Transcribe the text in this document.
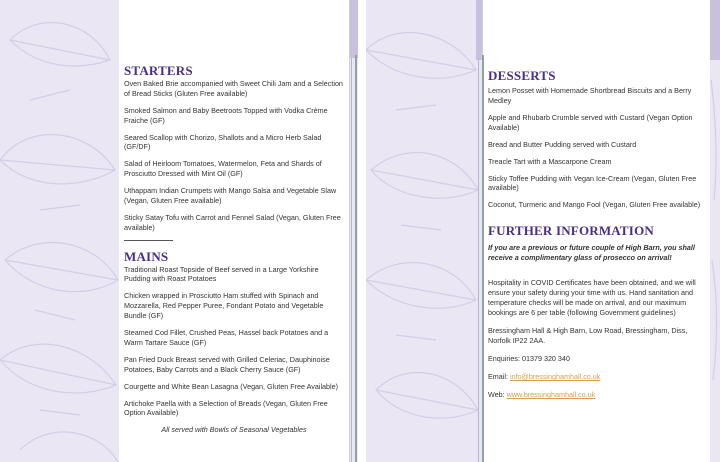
MENU
STARTERS
Oven Baked Brie accompanied with Sweet Chili Jam and a Selection of Bread Sticks (Gluten Free available)
Smoked Salmon and Baby Beetroots Topped with Vodka Crème Fraiche (GF)
Seared Scallop with Chorizo, Shallots and a Micro Herb Salad (GF/DF)
Salad of Heirloom Tomatoes, Watermelon, Feta and Shards of Prosciutto Dressed with Mint Oil (GF)
Uthappam Indian Crumpets with Mango Salsa and Vegetable Slaw (Vegan, Gluten Free available)
Sticky Satay Tofu with Carrot and Fennel Salad (Vegan, Gluten Free available)
MAINS
Traditional Roast Topside of Beef served in a Large Yorkshire Pudding with Roast Potatoes
Chicken wrapped in Prosciutto Ham stuffed with Spinach and Mozzarella, Red Pepper Puree, Fondant Potato and Vegetable Bundle (GF)
Steamed Cod Fillet, Crushed Peas, Hassel back Potatoes and a Warm Tartare Sauce (GF)
Pan Fried Duck Breast served with Grilled Celeriac, Dauphinoise Potatoes, Baby Carrots and a Black Cherry Sauce (GF)
Courgette and White Bean Lasagna (Vegan, Gluten Free Available)
Artichoke Paella with a Selection of Breads (Vegan, Gluten Free Option Available)
All served with Bowls of Seasonal Vegetables
DESSERTS
Lemon Posset with Homemade Shortbread Biscuits and a Berry Medley
Apple and Rhubarb Crumble served with Custard (Vegan Option Available)
Bread and Butter Pudding served with Custard
Treacle Tart with a Mascarpone Cream
Sticky Toffee Pudding with Vegan Ice-Cream (Vegan, Gluten Free available)
Coconut, Turmeric and Mango Fool (Vegan, Gluten Free available)
FURTHER INFORMATION
If you are a previous or future couple of High Barn, you shall receive a complimentary glass of prosecco on arrival!
Hospitality in COVID Certificates have been obtained, and we will ensure your safety during your time with us. Hand sanitation and temperature checks will be made on arrival, and our maximum bookings are 6 per table (following Government guidelines)
Bressingham Hall & High Barn, Low Road, Bressingham, Diss, Norfolk IP22 2AA.
Enquiries: 01379 320 340
Email: info@bressinghamhall.co.uk
Web: www.bressinghamhall.co.uk
